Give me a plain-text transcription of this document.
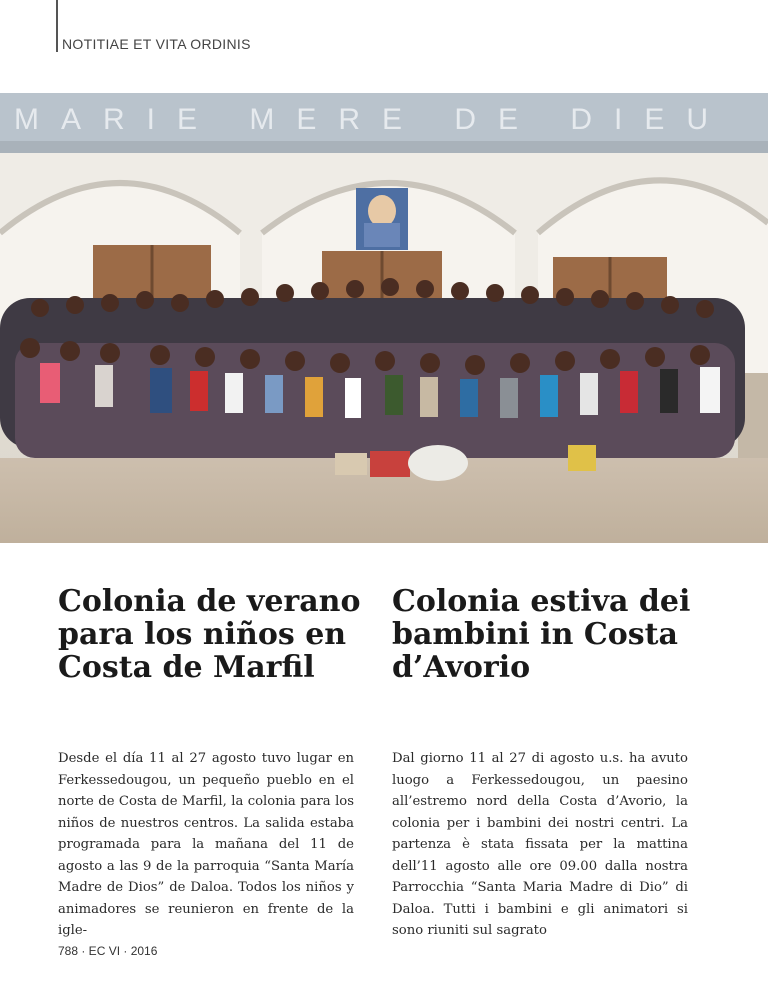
NOTITIAE ET VITA ORDINIS
MARIE MERE DE DIEU
Colonia de verano para los niños en Costa de Marfil
Colonia estiva dei bambini in Costa d’Avorio

Desde el día 11 al 27 agosto tuvo lugar en Ferkessedougou, un pequeño pueblo en el norte de Costa de Marfil, la colonia para los niños de nuestros centros. La salida estaba programada para la mañana del 11 de agosto a las 9 de la parroquia “Santa María Madre de Dios” de Daloa. Todos los niños y animadores se reunieron en frente de la igle-

Dal giorno 11 al 27 di agosto u.s. ha avuto luogo a Ferkessedougou, un paesino all’estremo nord della Costa d’Avorio, la colonia per i bambini dei nostri centri. La partenza è stata fissata per la mattina dell’11 agosto alle ore 09.00 dalla nostra Parrocchia “Santa Maria Madre di Dio” di Daloa. Tutti i bambini e gli animatori si sono riuniti sul sagrato

788 · EC VI · 2016
